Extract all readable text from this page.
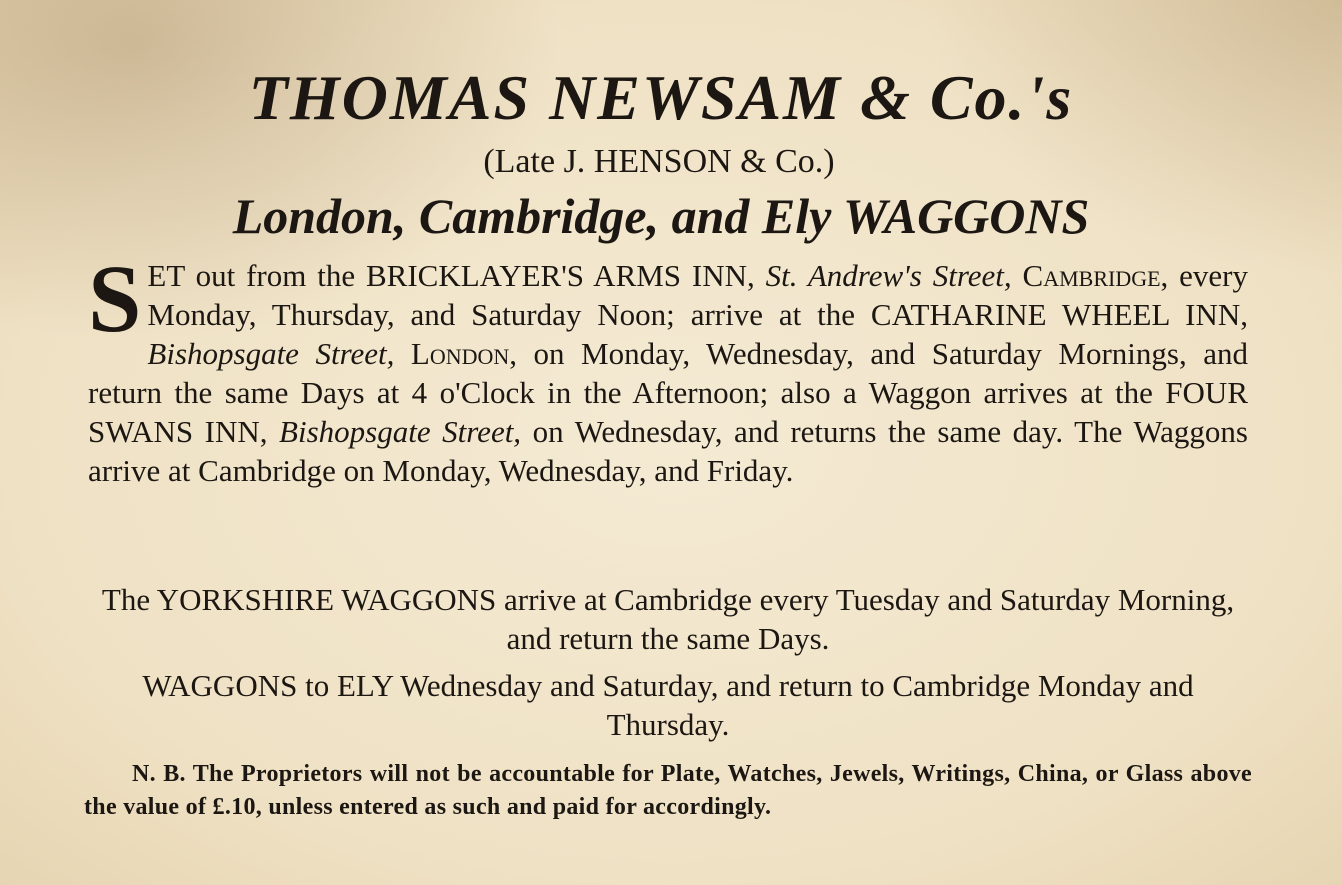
THOMAS NEWSAM & Co.'s
(Late J. HENSON & Co.)
London, Cambridge, and Ely WAGGONS

SET out from the BRICKLAYER'S ARMS INN, St. Andrew's Street, Cambridge, every Monday, Thursday, and Saturday Noon; arrive at the CATHARINE WHEEL INN, Bishopsgate Street, London, on Monday, Wednesday, and Saturday Mornings, and return the same Days at 4 o'Clock in the Afternoon; also a Waggon arrives at the FOUR SWANS INN, Bishopsgate Street, on Wednesday, and returns the same day. The Waggons arrive at Cambridge on Monday, Wednesday, and Friday.

The YORKSHIRE WAGGONS arrive at Cambridge every Tuesday and Saturday Morning, and return the same Days.
WAGGONS to ELY Wednesday and Saturday, and return to Cambridge Monday and Thursday.
N. B. The Proprietors will not be accountable for Plate, Watches, Jewels, Writings, China, or Glass above the value of £.10, unless entered as such and paid for accordingly.
